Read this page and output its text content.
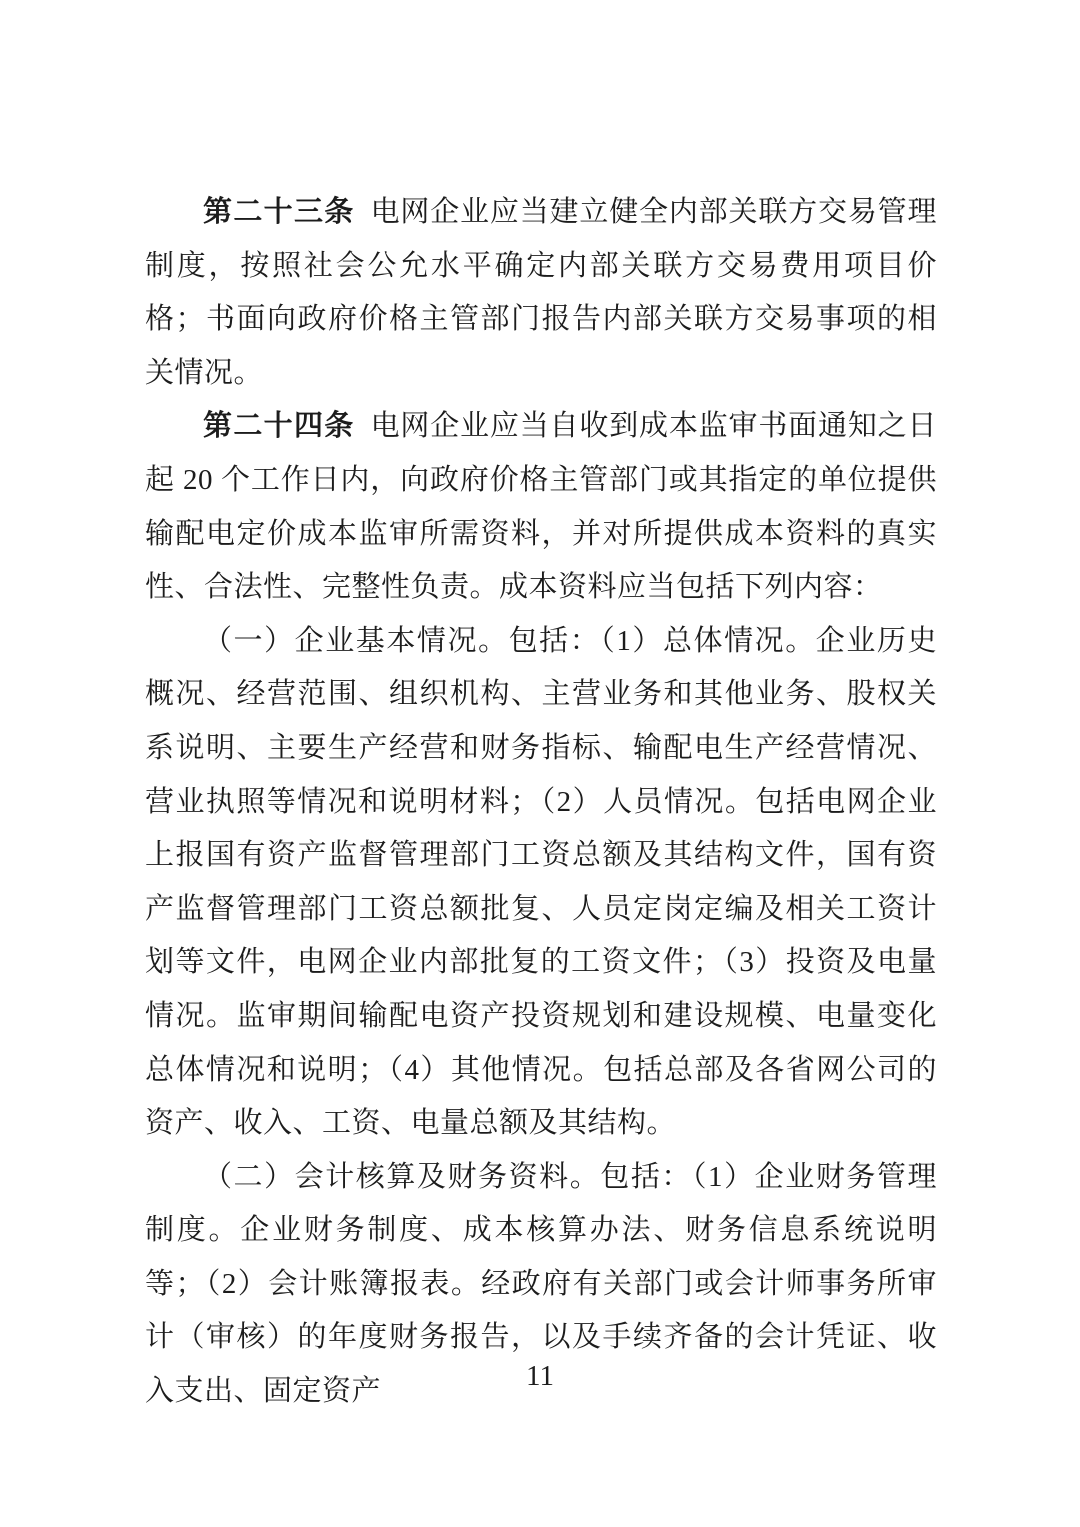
第二十三条 电网企业应当建立健全内部关联方交易管理制度，按照社会公允水平确定内部关联方交易费用项目价格；书面向政府价格主管部门报告内部关联方交易事项的相关情况。

第二十四条 电网企业应当自收到成本监审书面通知之日起 20 个工作日内，向政府价格主管部门或其指定的单位提供输配电定价成本监审所需资料，并对所提供成本资料的真实性、合法性、完整性负责。成本资料应当包括下列内容：

（一）企业基本情况。包括：（1）总体情况。企业历史概况、经营范围、组织机构、主营业务和其他业务、股权关系说明、主要生产经营和财务指标、输配电生产经营情况、营业执照等情况和说明材料；（2）人员情况。包括电网企业上报国有资产监督管理部门工资总额及其结构文件，国有资产监督管理部门工资总额批复、人员定岗定编及相关工资计划等文件，电网企业内部批复的工资文件；（3）投资及电量情况。监审期间输配电资产投资规划和建设规模、电量变化总体情况和说明；（4）其他情况。包括总部及各省网公司的资产、收入、工资、电量总额及其结构。

（二）会计核算及财务资料。包括：（1）企业财务管理制度。企业财务制度、成本核算办法、财务信息系统说明等；（2）会计账簿报表。经政府有关部门或会计师事务所审计（审核）的年度财务报告，以及手续齐备的会计凭证、收入支出、固定资产	11
